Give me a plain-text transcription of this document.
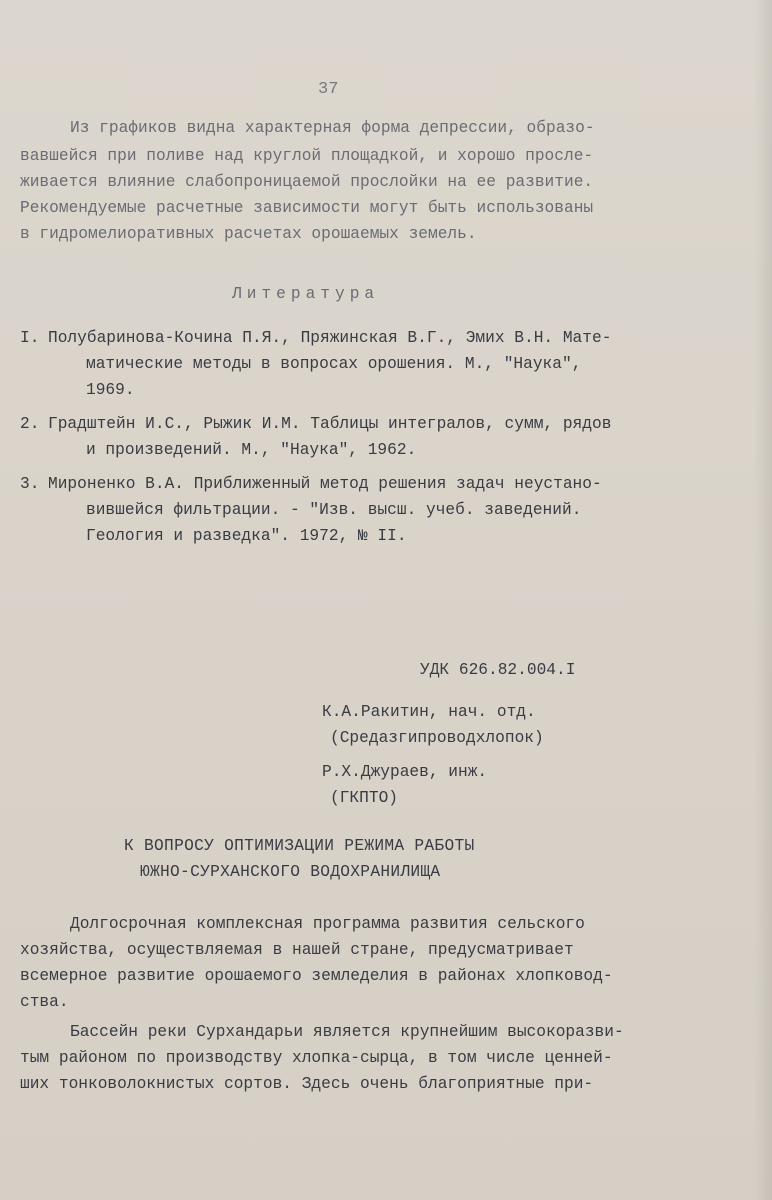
37
Из графиков видна характерная форма депрессии, образо-
вавшейся при поливе над круглой площадкой, и хорошо просле-
живается влияние слабопроницаемой прослойки на ее развитие.
Рекомендуемые расчетные зависимости могут быть использованы
в гидромелиоративных расчетах орошаемых земель.
Литература
I. Полубаринова-Кочина П.Я., Пряжинская В.Г., Эмих В.Н. Мате-
матические методы в вопросах орошения. М., "Наука",
1969.
2. Градштейн И.С., Рыжик И.М. Таблицы интегралов, сумм, рядов
и произведений. М., "Наука", 1962.
3. Мироненко В.А. Приближенный метод решения задач неустано-
вившейся фильтрации. - "Изв. высш. учеб. заведений.
Геология и разведка". 1972, № II.
УДК 626.82.004.I
К.А.Ракитин, нач. отд.
(Средазгипроводхлопок)
Р.Х.Джураев, инж.
(ГКПТО)
К ВОПРОСУ ОПТИМИЗАЦИИ РЕЖИМА РАБОТЫ
ЮЖНО-СУРХАНСКОГО ВОДОХРАНИЛИЩА
Долгосрочная комплексная программа развития сельского
хозяйства, осуществляемая в нашей стране, предусматривает
всемерное развитие орошаемого земледелия в районах хлопковод-
ства.
Бассейн реки Сурхандарьи является крупнейшим высокоразви-
тым районом по производству хлопка-сырца, в том числе ценней-
ших тонковолокнистых сортов. Здесь очень благоприятные при-
